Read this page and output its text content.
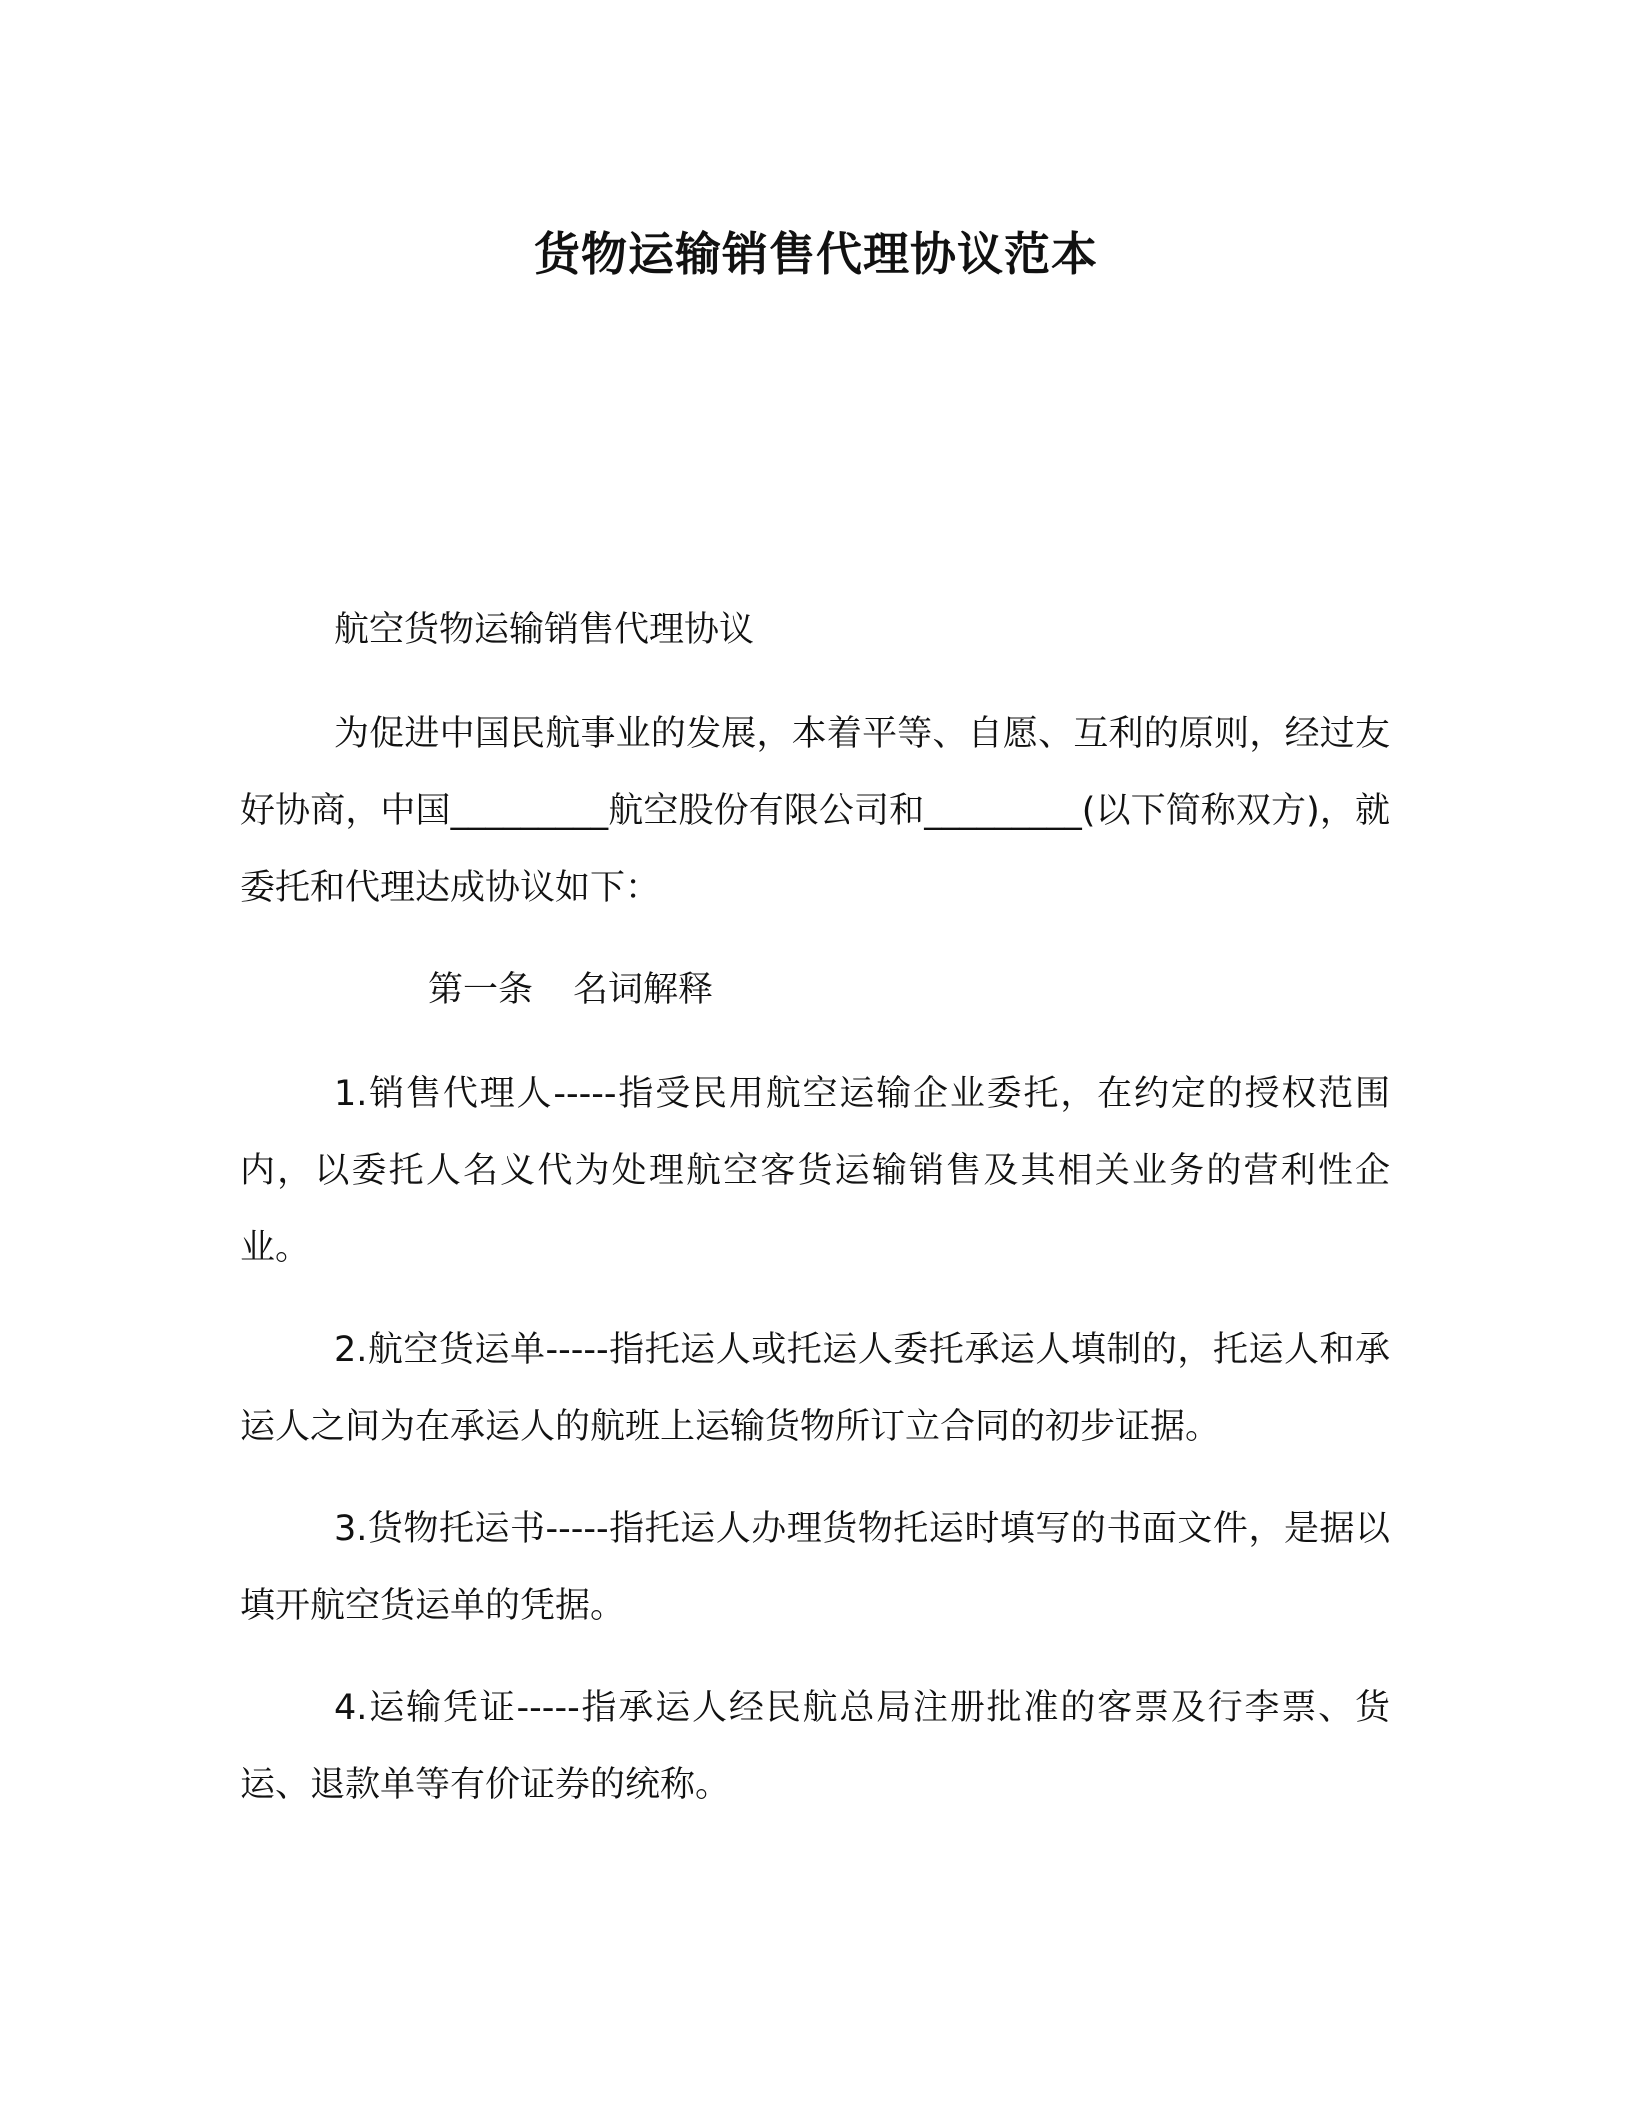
货物运输销售代理协议范本

航空货物运输销售代理协议

为促进中国民航事业的发展，本着平等、自愿、互利的原则，经过友好协商，中国_________航空股份有限公司和_________(以下简称双方)，就委托和代理达成协议如下：

第一条 名词解释

1.销售代理人-----指受民用航空运输企业委托，在约定的授权范围内，以委托人名义代为处理航空客货运输销售及其相关业务的营利性企业。

2.航空货运单-----指托运人或托运人委托承运人填制的，托运人和承运人之间为在承运人的航班上运输货物所订立合同的初步证据。

3.货物托运书-----指托运人办理货物托运时填写的书面文件，是据以填开航空货运单的凭据。

4.运输凭证-----指承运人经民航总局注册批准的客票及行李票、货运、退款单等有价证券的统称。
